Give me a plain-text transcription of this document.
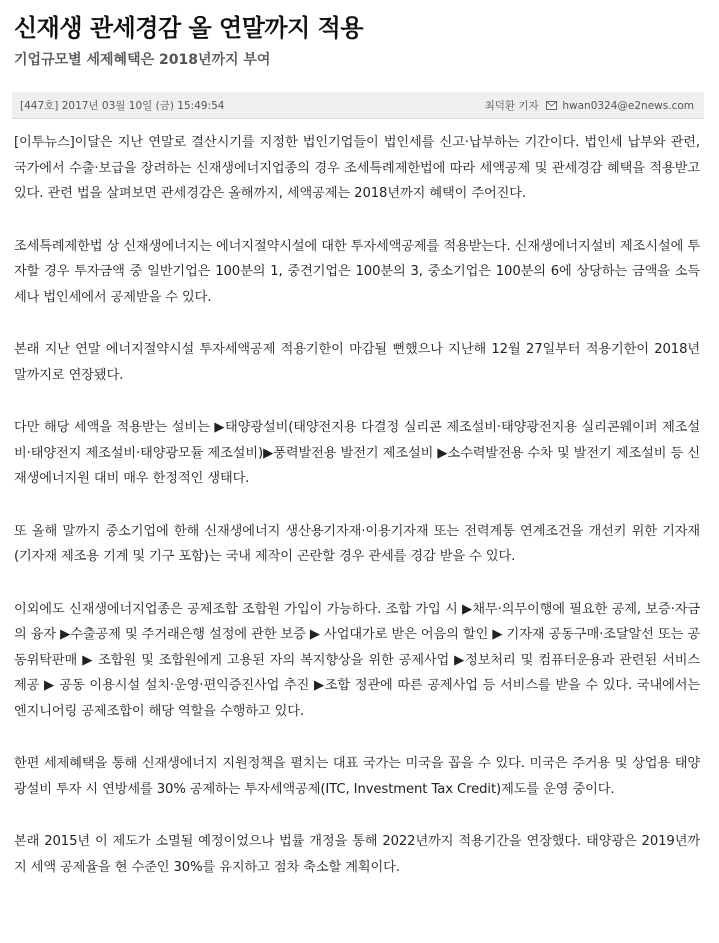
신재생 관세경감 올 연말까지 적용
기업규모별 세제혜택은 2018년까지 부여
[447호] 2017년 03월 10일 (금) 15:49:54	최덕환 기자 hwan0324@e2news.com

[이투뉴스]이달은 지난 연말로 결산시기를 지정한 법인기업들이 법인세를 신고·납부하는 기간이다. 법인세 납부와 관련, 국가에서 수출·보급을 장려하는 신재생에너지업종의 경우 조세특례제한법에 따라 세액공제 및 관세경감 혜택을 적용받고 있다. 관련 법을 살펴보면 관세경감은 올해까지, 세액공제는 2018년까지 혜택이 주어진다.

조세특례제한법 상 신재생에너지는 에너지절약시설에 대한 투자세액공제를 적용받는다. 신재생에너지설비 제조시설에 투자할 경우 투자금액 중 일반기업은 100분의 1, 중견기업은 100분의 3, 중소기업은 100분의 6에 상당하는 금액을 소득세나 법인세에서 공제받을 수 있다.

본래 지난 연말 에너지절약시설 투자세액공제 적용기한이 마감될 뻔했으나 지난해 12월 27일부터 적용기한이 2018년 말까지로 연장됐다.

다만 해당 세액을 적용받는 설비는 ▶태양광설비(태양전지용 다결정 실리콘 제조설비·태양광전지용 실리콘웨이퍼 제조설비·태양전지 제조설비·태양광모듈 제조설비)▶풍력발전용 발전기 제조설비 ▶소수력발전용 수차 및 발전기 제조설비 등 신재생에너지원 대비 매우 한정적인 생태다.

또 올해 말까지 중소기업에 한해 신재생에너지 생산용기자재·이용기자재 또는 전력계통 연계조건을 개선키 위한 기자재(기자재 제조용 기계 및 기구 포함)는 국내 제작이 곤란할 경우 관세를 경감 받을 수 있다.

이외에도 신재생에너지업종은 공제조합 조합원 가입이 가능하다. 조합 가입 시 ▶채무·의무이행에 필요한 공제, 보증·자금의 융자 ▶수출공제 및 주거래은행 설정에 관한 보증 ▶ 사업대가로 받은 어음의 할인 ▶ 기자재 공동구매·조달알선 또는 공동위탁판매 ▶ 조합원 및 조합원에게 고용된 자의 복지향상을 위한 공제사업 ▶정보처리 및 컴퓨터운용과 관련된 서비스 제공 ▶ 공동 이용시설 설치·운영·편익증진사업 추진 ▶조합 정관에 따른 공제사업 등 서비스를 받을 수 있다. 국내에서는 엔지니어링 공제조합이 해당 역할을 수행하고 있다.

한편 세제혜택을 통해 신재생에너지 지원정책을 펼치는 대표 국가는 미국을 꼽을 수 있다. 미국은 주거용 및 상업용 태양광설비 투자 시 연방세를 30% 공제하는 투자세액공제(ITC, Investment Tax Credit)제도를 운영 중이다.

본래 2015년 이 제도가 소멸될 예정이었으나 법률 개정을 통해 2022년까지 적용기간을 연장했다. 태양광은 2019년까지 세액 공제율을 현 수준인 30%를 유지하고 점차 축소할 계획이다.
